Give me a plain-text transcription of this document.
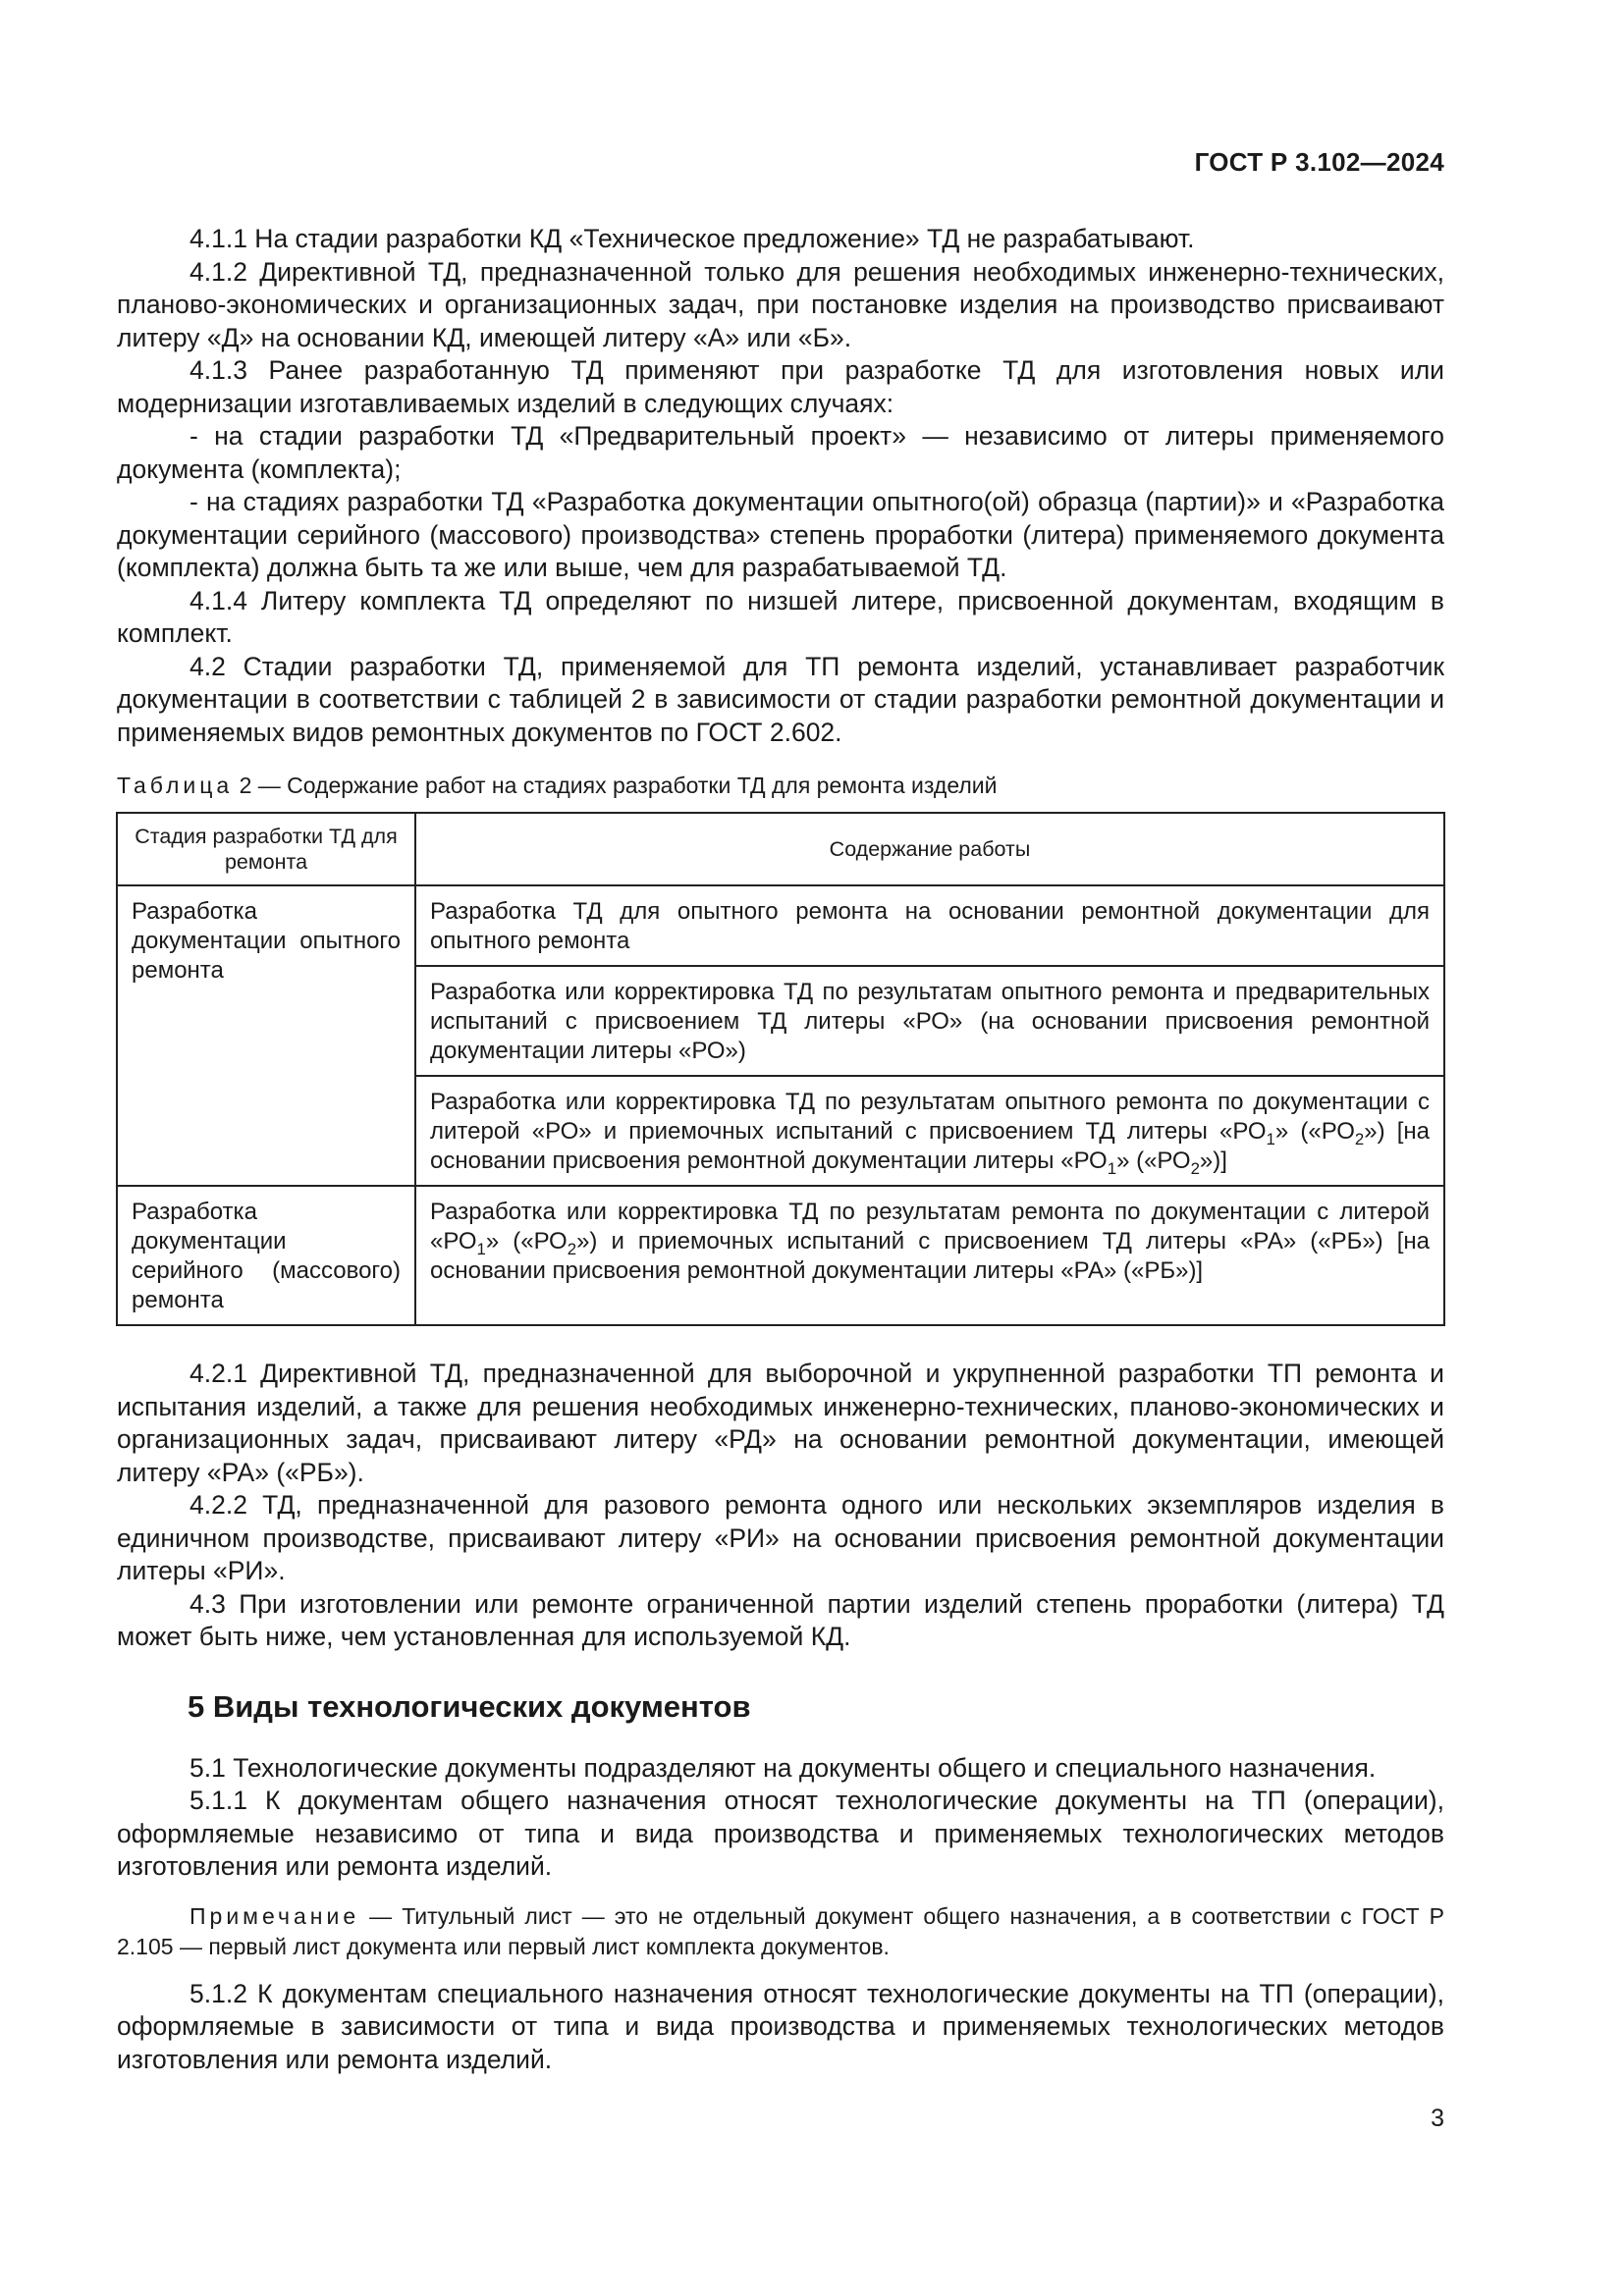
ГОСТ Р 3.102—2024

4.1.1 На стадии разработки КД «Техническое предложение» ТД не разрабатывают.

4.1.2 Директивной ТД, предназначенной только для решения необходимых инженерно-технических, планово-экономических и организационных задач, при постановке изделия на производство присваивают литеру «Д» на основании КД, имеющей литеру «А» или «Б».

4.1.3 Ранее разработанную ТД применяют при разработке ТД для изготовления новых или модернизации изготавливаемых изделий в следующих случаях:

- на стадии разработки ТД «Предварительный проект» — независимо от литеры применяемого документа (комплекта);

- на стадиях разработки ТД «Разработка документации опытного(ой) образца (партии)» и «Разработка документации серийного (массового) производства» степень проработки (литера) применяемого документа (комплекта) должна быть та же или выше, чем для разрабатываемой ТД.

4.1.4 Литеру комплекта ТД определяют по низшей литере, присвоенной документам, входящим в комплект.

4.2 Стадии разработки ТД, применяемой для ТП ремонта изделий, устанавливает разработчик документации в соответствии с таблицей 2 в зависимости от стадии разработки ремонтной документации и применяемых видов ремонтных документов по ГОСТ 2.602.

Таблица 2 — Содержание работ на стадиях разработки ТД для ремонта изделий
Стадия разработки ТД для ремонта	Содержание работы
Разработка документации опытного ремонта	Разработка ТД для опытного ремонта на основании ремонтной документации для опытного ремонта
	Разработка или корректировка ТД по результатам опытного ремонта и предварительных испытаний с присвоением ТД литеры «РО» (на основании присвоения ремонтной документации литеры «РО»)
	Разработка или корректировка ТД по результатам опытного ремонта по документации с литерой «РО» и приемочных испытаний с присвоением ТД литеры «$РО_1$» $(«РО_2»)$ [на основании присвоения ремонтной документации литеры «$РО_1$» $(«РО_2»)$]
Разработка документации серийного (массового) ремонта	Разработка или корректировка ТД по результатам ремонта по документации с литерой «$РО_1$» $(«РО_2»)$ и приемочных испытаний с присвоением ТД литеры «РА» («РБ») [на основании присвоения ремонтной документации литеры «РА» («РБ»)]

4.2.1 Директивной ТД, предназначенной для выборочной и укрупненной разработки ТП ремонта и испытания изделий, а также для решения необходимых инженерно-технических, планово-экономических и организационных задач, присваивают литеру «РД» на основании ремонтной документации, имеющей литеру «РА» («РБ»).

4.2.2 ТД, предназначенной для разового ремонта одного или нескольких экземпляров изделия в единичном производстве, присваивают литеру «РИ» на основании присвоения ремонтной документации литеры «РИ».

4.3 При изготовлении или ремонте ограниченной партии изделий степень проработки (литера) ТД может быть ниже, чем установленная для используемой КД.

5 Виды технологических документов

5.1 Технологические документы подразделяют на документы общего и специального назначения.

5.1.1 К документам общего назначения относят технологические документы на ТП (операции), оформляемые независимо от типа и вида производства и применяемых технологических методов изготовления или ремонта изделий.

Примечание — Титульный лист — это не отдельный документ общего назначения, а в соответствии с ГОСТ Р 2.105 — первый лист документа или первый лист комплекта документов.

5.1.2 К документам специального назначения относят технологические документы на ТП (операции), оформляемые в зависимости от типа и вида производства и применяемых технологических методов изготовления или ремонта изделий.

3
